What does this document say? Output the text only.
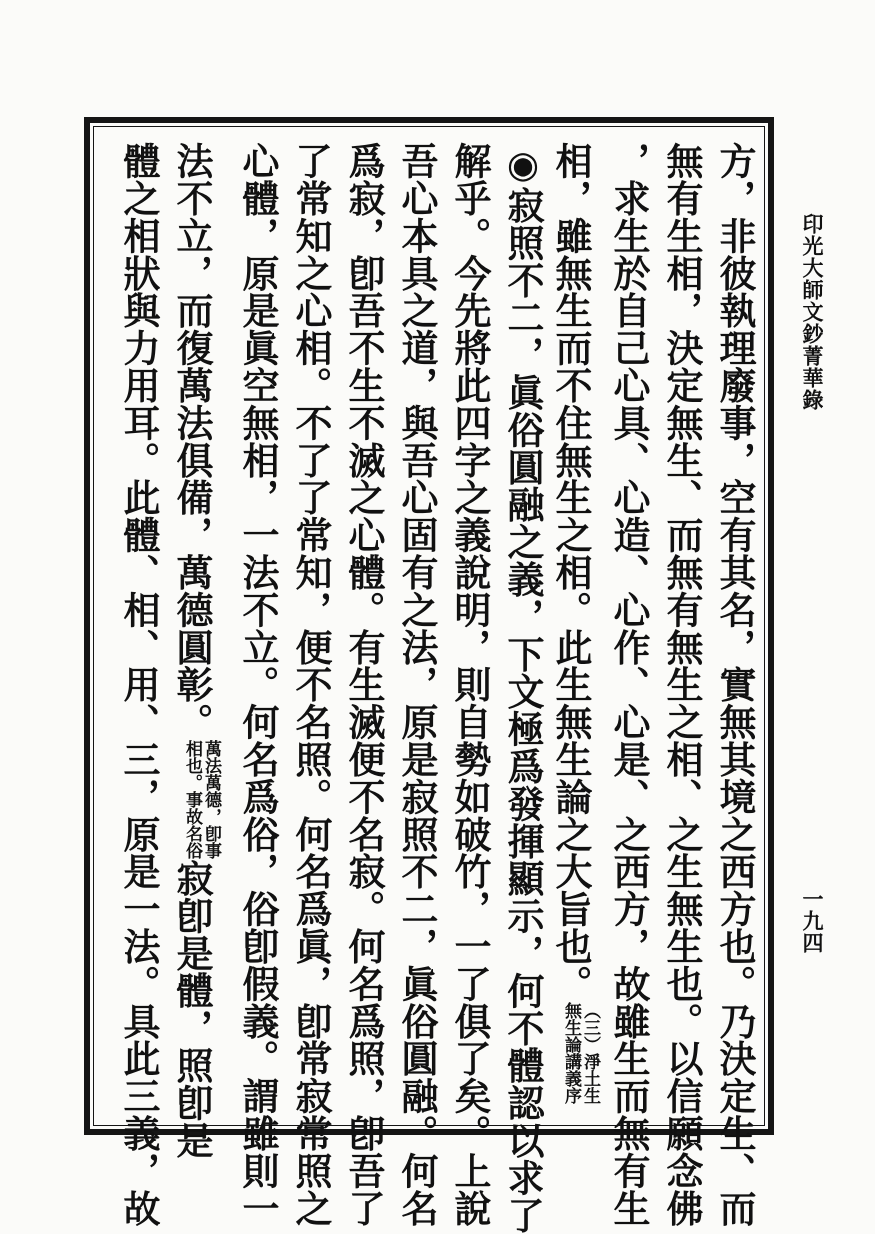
印光大師文鈔菁華錄
一九四
方，非彼執理廢事，空有其名，實無其境之西方也。乃決定生、而
無有生相，決定無生、而無有無生之相、之生無生也。以信願念佛
，求生於自己心具、心造、心作、心是、之西方，故雖生而無有生
相，雖無生而不住無生之相。此生無生論之大旨也。
（三）淨土生
無生論講義序
◉寂照不二，眞俗圓融之義，下文極爲發揮顯示，何不體認以求了
解乎。今先將此四字之義說明，則自勢如破竹，一了俱了矣。上說
吾心本具之道，與吾心固有之法，原是寂照不二，眞俗圓融。何名
爲寂，卽吾不生不滅之心體。有生滅便不名寂。何名爲照，卽吾了
了常知之心相。不了了常知，便不名照。何名爲眞，卽常寂常照之
心體，原是眞空無相，一法不立。何名爲俗，俗卽假義。謂雖則一
法不立，而復萬法俱備，萬德圓彰。
萬法萬德，卽事
相也。事故名俗
寂卽是體，照卽是
體之相狀與力用耳。此體、相、用、三，原是一法。具此三義，故
